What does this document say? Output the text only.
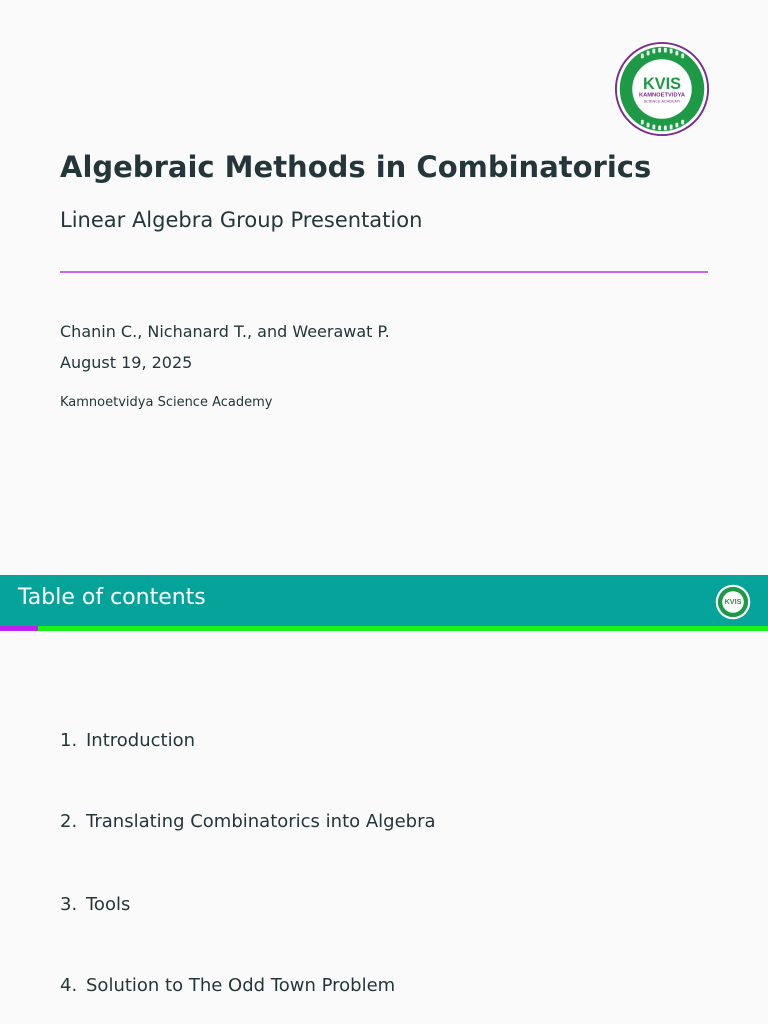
KVIS
KAMNOETVIDYA
SCIENCE ACADEMY
Algebraic Methods in Combinatorics
Linear Algebra Group Presentation
Chanin C., Nichanard T., and Weerawat P.
August 19, 2025
Kamnoetvidya Science Academy
Table of contents	KVIS
1. Introduction
2. Translating Combinatorics into Algebra
3. Tools
4. Solution to The Odd Town Problem
